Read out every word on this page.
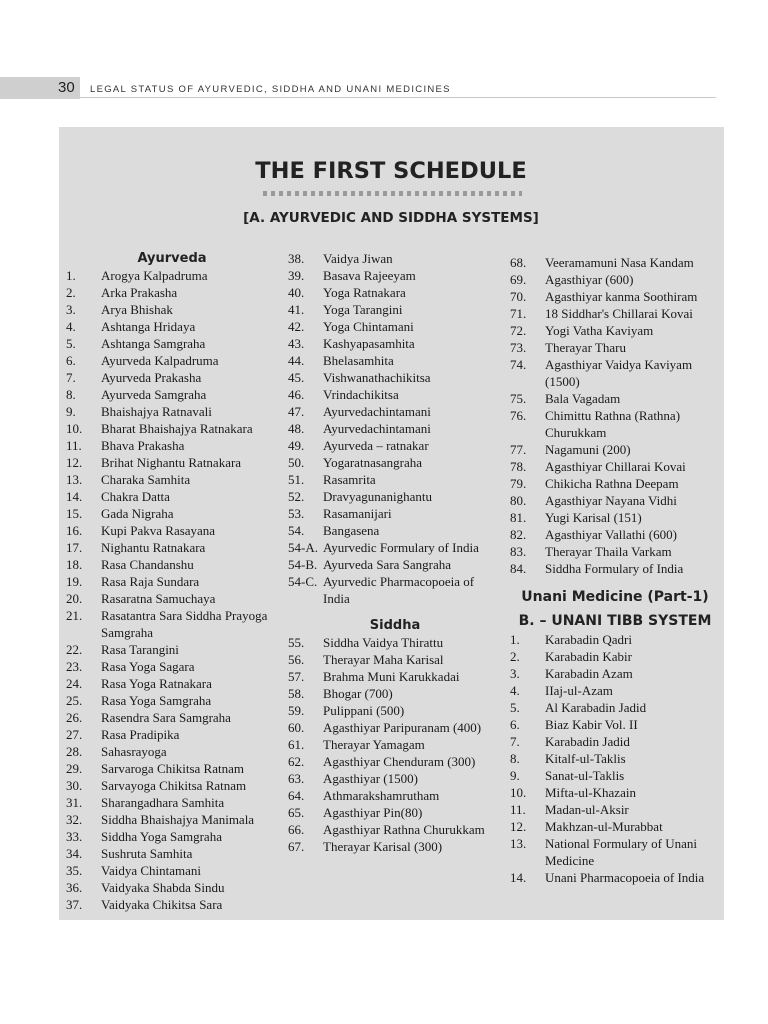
30 LEGAL STATUS OF AYURVEDIC, SIDDHA AND UNANI MEDICINES
THE FIRST SCHEDULE
[A. AYURVEDIC AND SIDDHA SYSTEMS]
Ayurveda
1.	Arogya Kalpadruma
2.	Arka Prakasha
3.	Arya Bhishak
4.	Ashtanga Hridaya
5.	Ashtanga Samgraha
6.	Ayurveda Kalpadruma
7.	Ayurveda Prakasha
8.	Ayurveda Samgraha
9.	Bhaishajya Ratnavali
10.	Bharat Bhaishajya Ratnakara
11.	Bhava Prakasha
12.	Brihat Nighantu Ratnakara
13.	Charaka Samhita
14.	Chakra Datta
15.	Gada Nigraha
16.	Kupi Pakva Rasayana
17.	Nighantu Ratnakara
18.	Rasa Chandanshu
19.	Rasa Raja Sundara
20.	Rasaratna Samuchaya
21.	Rasatantra Sara Siddha Prayoga Samgraha
22.	Rasa Tarangini
23.	Rasa Yoga Sagara
24.	Rasa Yoga Ratnakara
25.	Rasa Yoga Samgraha
26.	Rasendra Sara Samgraha
27.	Rasa Pradipika
28.	Sahasrayoga
29.	Sarvaroga Chikitsa Ratnam
30.	Sarvayoga Chikitsa Ratnam
31.	Sharangadhara Samhita
32.	Siddha Bhaishajya Manimala
33.	Siddha Yoga Samgraha
34.	Sushruta Samhita
35.	Vaidya Chintamani
36.	Vaidyaka Shabda Sindu
37.	Vaidyaka Chikitsa Sara
38.	Vaidya Jiwan
39.	Basava Rajeeyam
40.	Yoga Ratnakara
41.	Yoga Tarangini
42.	Yoga Chintamani
43.	Kashyapasamhita
44.	Bhelasamhita
45.	Vishwanathachikitsa
46.	Vrindachikitsa
47.	Ayurvedachintamani
48.	Ayurvedachintamani
49.	Ayurveda – ratnakar
50.	Yogaratnasangraha
51.	Rasamrita
52.	Dravyagunanighantu
53.	Rasamanijari
54.	Bangasena
54-A. Ayurvedic Formulary of India
54-B. Ayurveda Sara Sangraha
54-C. Ayurvedic Pharmacopoeia of India
Siddha
55.	Siddha Vaidya Thirattu
56.	Therayar Maha Karisal
57.	Brahma Muni Karukkadai
58.	Bhogar (700)
59.	Pulippani (500)
60.	Agasthiyar Paripuranam (400)
61.	Therayar Yamagam
62.	Agasthiyar Chenduram (300)
63.	Agasthiyar (1500)
64.	Athmarakshamrutham
65.	Agasthiyar Pin(80)
66.	Agasthiyar Rathna Churukkam
67.	Therayar Karisal (300)
68.	Veeramamuni Nasa Kandam
69.	Agasthiyar (600)
70.	Agasthiyar kanma Soothiram
71.	18 Siddhar's Chillarai Kovai
72.	Yogi Vatha Kaviyam
73.	Therayar Tharu
74.	Agasthiyar Vaidya Kaviyam (1500)
75.	Bala Vagadam
76.	Chimittu Rathna (Rathna) Churukkam
77.	Nagamuni (200)
78.	Agasthiyar Chillarai Kovai
79.	Chikicha Rathna Deepam
80.	Agasthiyar Nayana Vidhi
81.	Yugi Karisal (151)
82.	Agasthiyar Vallathi (600)
83.	Therayar Thaila Varkam
84.	Siddha Formulary of India
Unani Medicine (Part-1)
B. – UNANI TIBB SYSTEM
1.	Karabadin Qadri
2.	Karabadin Kabir
3.	Karabadin Azam
4.	IIaj-ul-Azam
5.	Al Karabadin Jadid
6.	Biaz Kabir Vol. II
7.	Karabadin Jadid
8.	Kitalf-ul-Taklis
9.	Sanat-ul-Taklis
10.	Mifta-ul-Khazain
11.	Madan-ul-Aksir
12.	Makhzan-ul-Murabbat
13.	National Formulary of Unani Medicine
14.	Unani Pharmacopoeia of India
